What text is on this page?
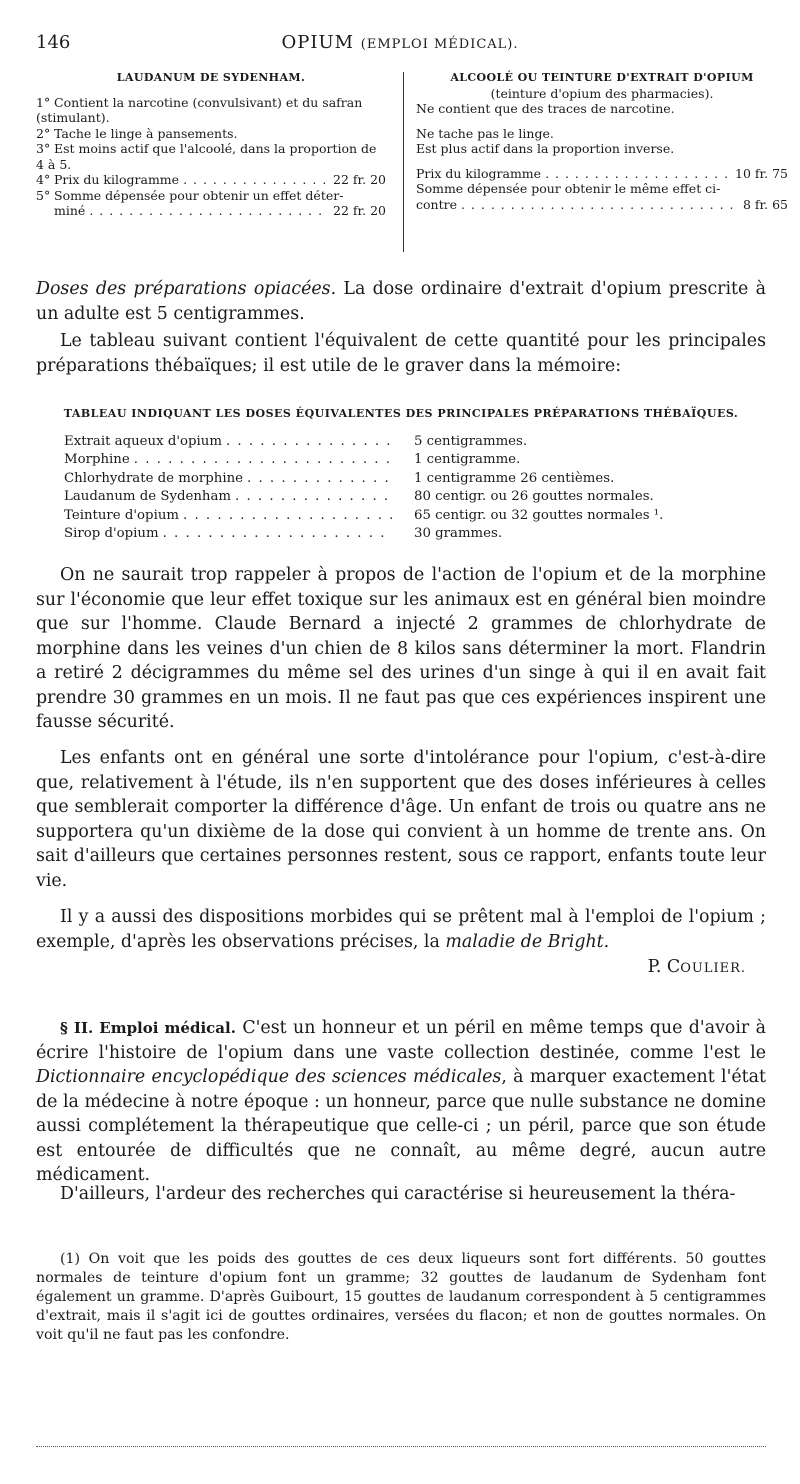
146	OPIUM (EMPLOI MÉDICAL).
LAUDANUM DE SYDENHAM.
1° Contient la narcotine (convulsivant) et du safran (stimulant).
2° Tache le linge à pansements.
3° Est moins actif que l'alcoolé, dans la proportion de 4 à 5.
4° Prix du kilogramme . . .	22 fr. 20
5° Somme dépensée pour obtenir un effet déter-
miné . . .	22 fr. 20
ALCOOLÉ OU TEINTURE D'EXTRAIT D'OPIUM
(teinture d'opium des pharmacies).
Ne contient que des traces de narcotine.
Ne tache pas le linge.
Est plus actif dans la proportion inverse.
Prix du kilogramme . . .	10 fr. 75
Somme dépensée pour obtenir le même effet ci-
contre . . .	8 fr. 65
Doses des préparations opiacées. La dose ordinaire d'extrait d'opium prescrite à un adulte est 5 centigrammes.
Le tableau suivant contient l'équivalent de cette quantité pour les principales préparations thébaïques; il est utile de le graver dans la mémoire:
TABLEAU INDIQUANT LES DOSES ÉQUIVALENTES DES PRINCIPALES PRÉPARATIONS THÉBAÏQUES.
Extrait aqueux d'opium . . .	5 centigrammes.
Morphine . . .	1 centigramme.
Chlorhydrate de morphine . . .	1 centigramme 26 centièmes.
Laudanum de Sydenham . . .	80 centigr. ou 26 gouttes normales.
Teinture d'opium . . .	65 centigr. ou 32 gouttes normales ¹.
Sirop d'opium . . .	30 grammes.
On ne saurait trop rappeler à propos de l'action de l'opium et de la morphine sur l'économie que leur effet toxique sur les animaux est en général bien moindre que sur l'homme. Claude Bernard a injecté 2 grammes de chlorhydrate de morphine dans les veines d'un chien de 8 kilos sans déterminer la mort. Flandrin a retiré 2 décigrammes du même sel des urines d'un singe à qui il en avait fait prendre 30 grammes en un mois. Il ne faut pas que ces expériences inspirent une fausse sécurité.
Les enfants ont en général une sorte d'intolérance pour l'opium, c'est-à-dire que, relativement à l'étude, ils n'en supportent que des doses inférieures à celles que semblerait comporter la différence d'âge. Un enfant de trois ou quatre ans ne supportera qu'un dixième de la dose qui convient à un homme de trente ans. On sait d'ailleurs que certaines personnes restent, sous ce rapport, enfants toute leur vie.
Il y a aussi des dispositions morbides qui se prêtent mal à l'emploi de l'opium ; exemple, d'après les observations précises, la maladie de Bright.
P. COULIER.
§ II. Emploi médical. C'est un honneur et un péril en même temps que d'avoir à écrire l'histoire de l'opium dans une vaste collection destinée, comme l'est le Dictionnaire encyclopédique des sciences médicales, à marquer exactement l'état de la médecine à notre époque : un honneur, parce que nulle substance ne domine aussi complétement la thérapeutique que celle-ci ; un péril, parce que son étude est entourée de difficultés que ne connaît, au même degré, aucun autre médicament.
D'ailleurs, l'ardeur des recherches qui caractérise si heureusement la théra-
(1) On voit que les poids des gouttes de ces deux liqueurs sont fort différents. 50 gouttes normales de teinture d'opium font un gramme; 32 gouttes de laudanum de Sydenham font également un gramme. D'après Guibourt, 15 gouttes de laudanum correspondent à 5 centigrammes d'extrait, mais il s'agit ici de gouttes ordinaires, versées du flacon; et non de gouttes normales. On voit qu'il ne faut pas les confondre.
